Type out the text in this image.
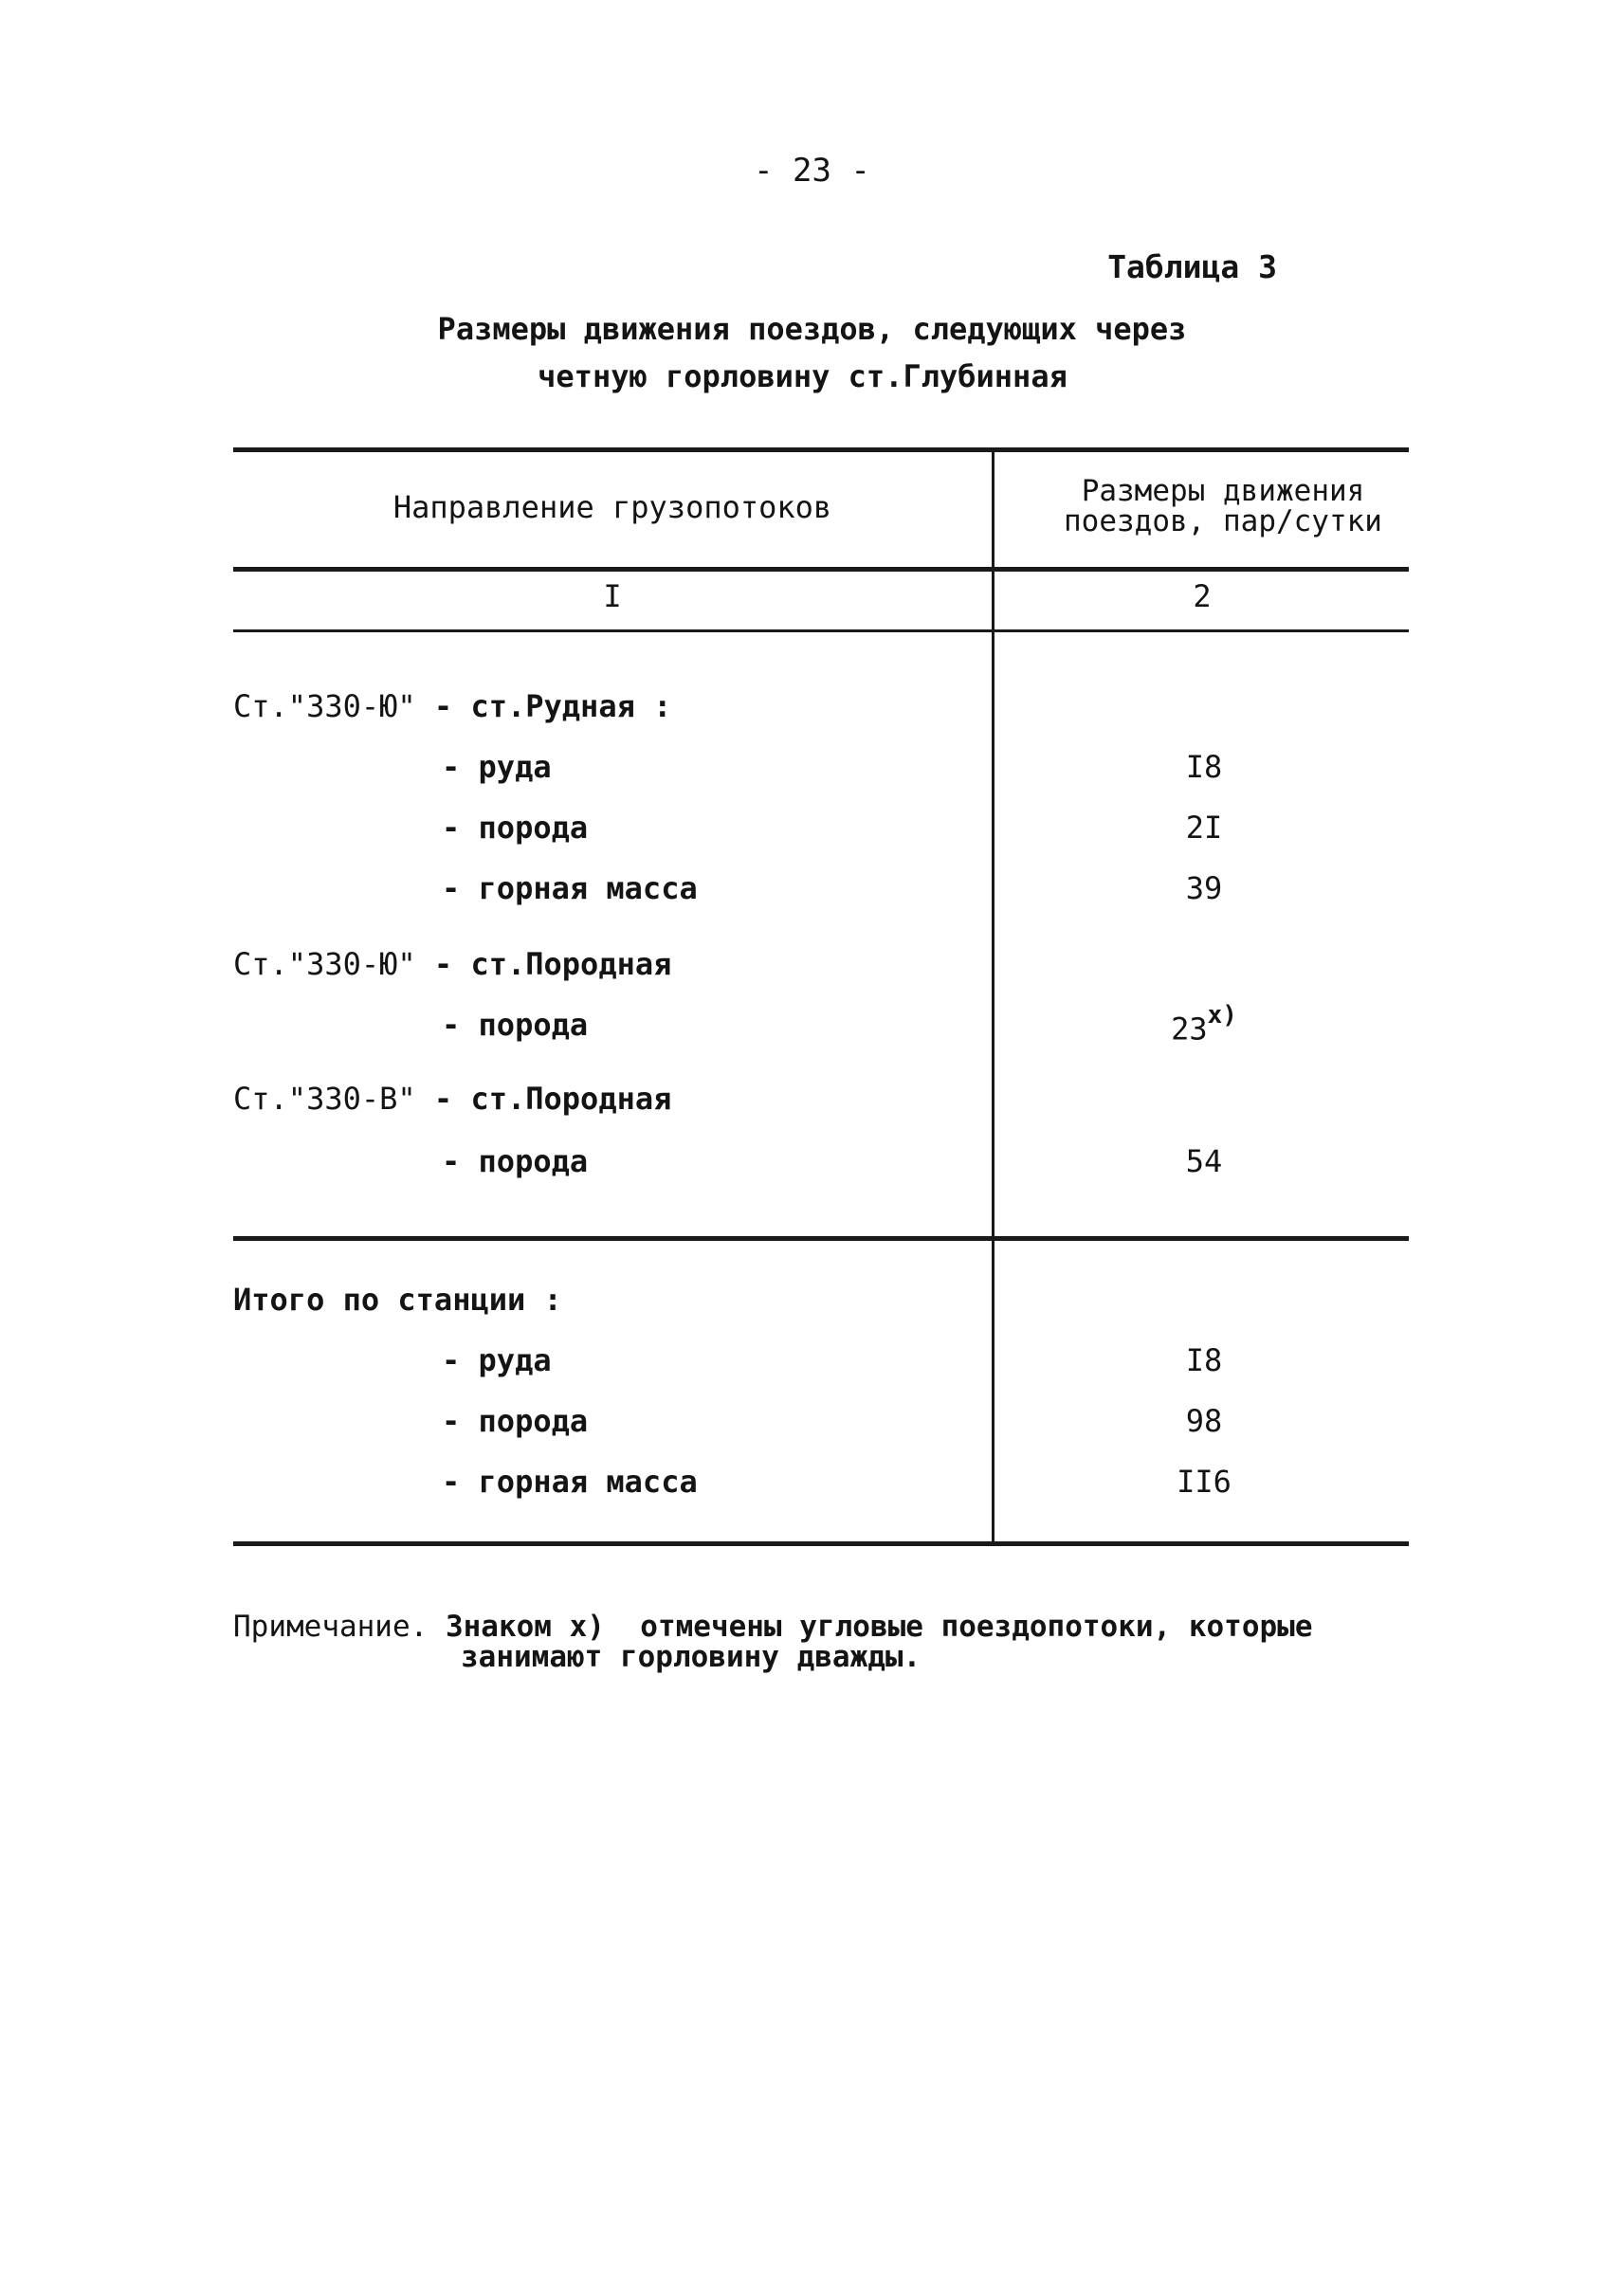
- 23 -
Таблица 3
Размеры движения поездов, следующих через
четную горловину ст.Глубинная
Направление грузопотоков	Размеры движения
поездов, пар/сутки
I	2
Ст."330-Ю" - ст.Рудная :
- руда	I8
- порода	2I
- горная масса	39
Ст."330-Ю" - ст.Породная
- порода	23$^{x)}$
Ст."330-В" - ст.Породная
- порода	54
Итого по станции :
- руда	I8
- порода	98
- горная масса	II6
Примечание. Знаком x)  отмечены угловые поездопотоки, которые
занимают горловину дважды.
